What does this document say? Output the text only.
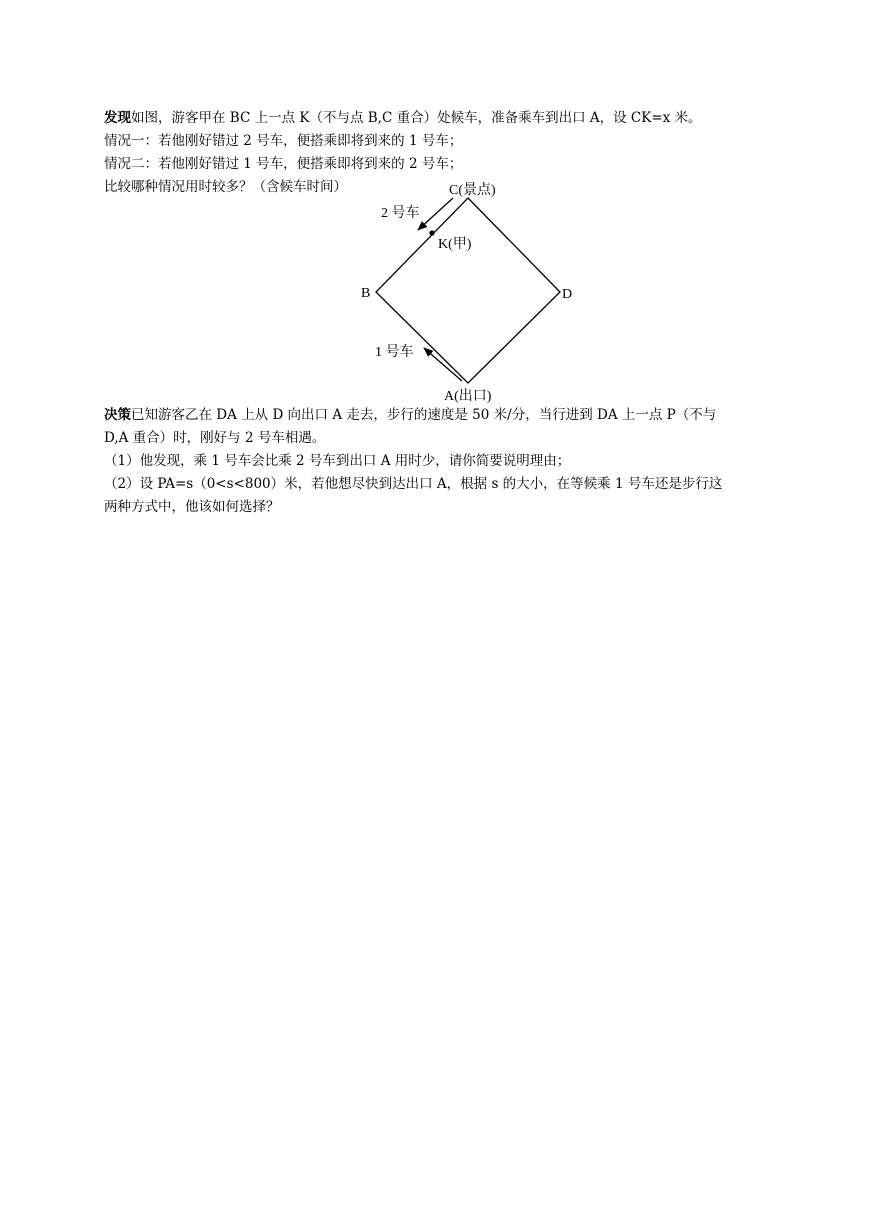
发现如图，游客甲在 BC 上一点 K（不与点 B,C 重合）处候车，准备乘车到出口 A，设 CK=x 米。
情况一：若他刚好错过 2 号车，便搭乘即将到来的 1 号车；
情况二：若他刚好错过 1 号车，便搭乘即将到来的 2 号车；
比较哪种情况用时较多？（含候车时间）	C(景点)
B	D
A(出口)
K(甲)
2 号车
1 号车
决策已知游客乙在 DA 上从 D 向出口 A 走去，步行的速度是 50 米/分，当行进到 DA 上一点 P（不与
D,A 重合）时，刚好与 2 号车相遇。
（1）他发现，乘 1 号车会比乘 2 号车到出口 A 用时少，请你简要说明理由；
（2）设 PA=s（0<s<800）米，若他想尽快到达出口 A，根据 s 的大小，在等候乘 1 号车还是步行这
两种方式中，他该如何选择？
